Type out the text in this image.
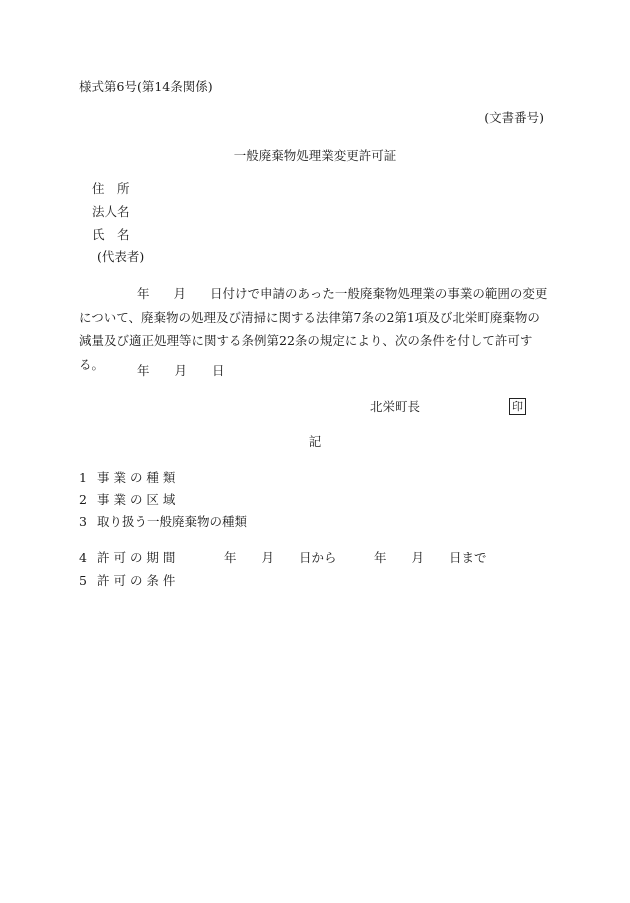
様式第6号(第14条関係)
(文書番号)
一般廃棄物処理業変更許可証
住　所
法人名
氏　名
(代表者)
年 月 日付けで申請のあった一般廃棄物処理業の事業の範囲の変更について、廃棄物の処理及び清掃に関する法律第7条の2第1項及び北栄町廃棄物の減量及び適正処理等に関する条例第22条の規定により、次の条件を付して許可する。	年　　月　　日
北栄町長	印
記
1 事 業 の 種 類
2 事 業 の 区 域
3 取り扱う一般廃棄物の種類
4 許 可 の 期 間	年　　月　　日から　　　年　　月　　日まで
5 許 可 の 条 件
